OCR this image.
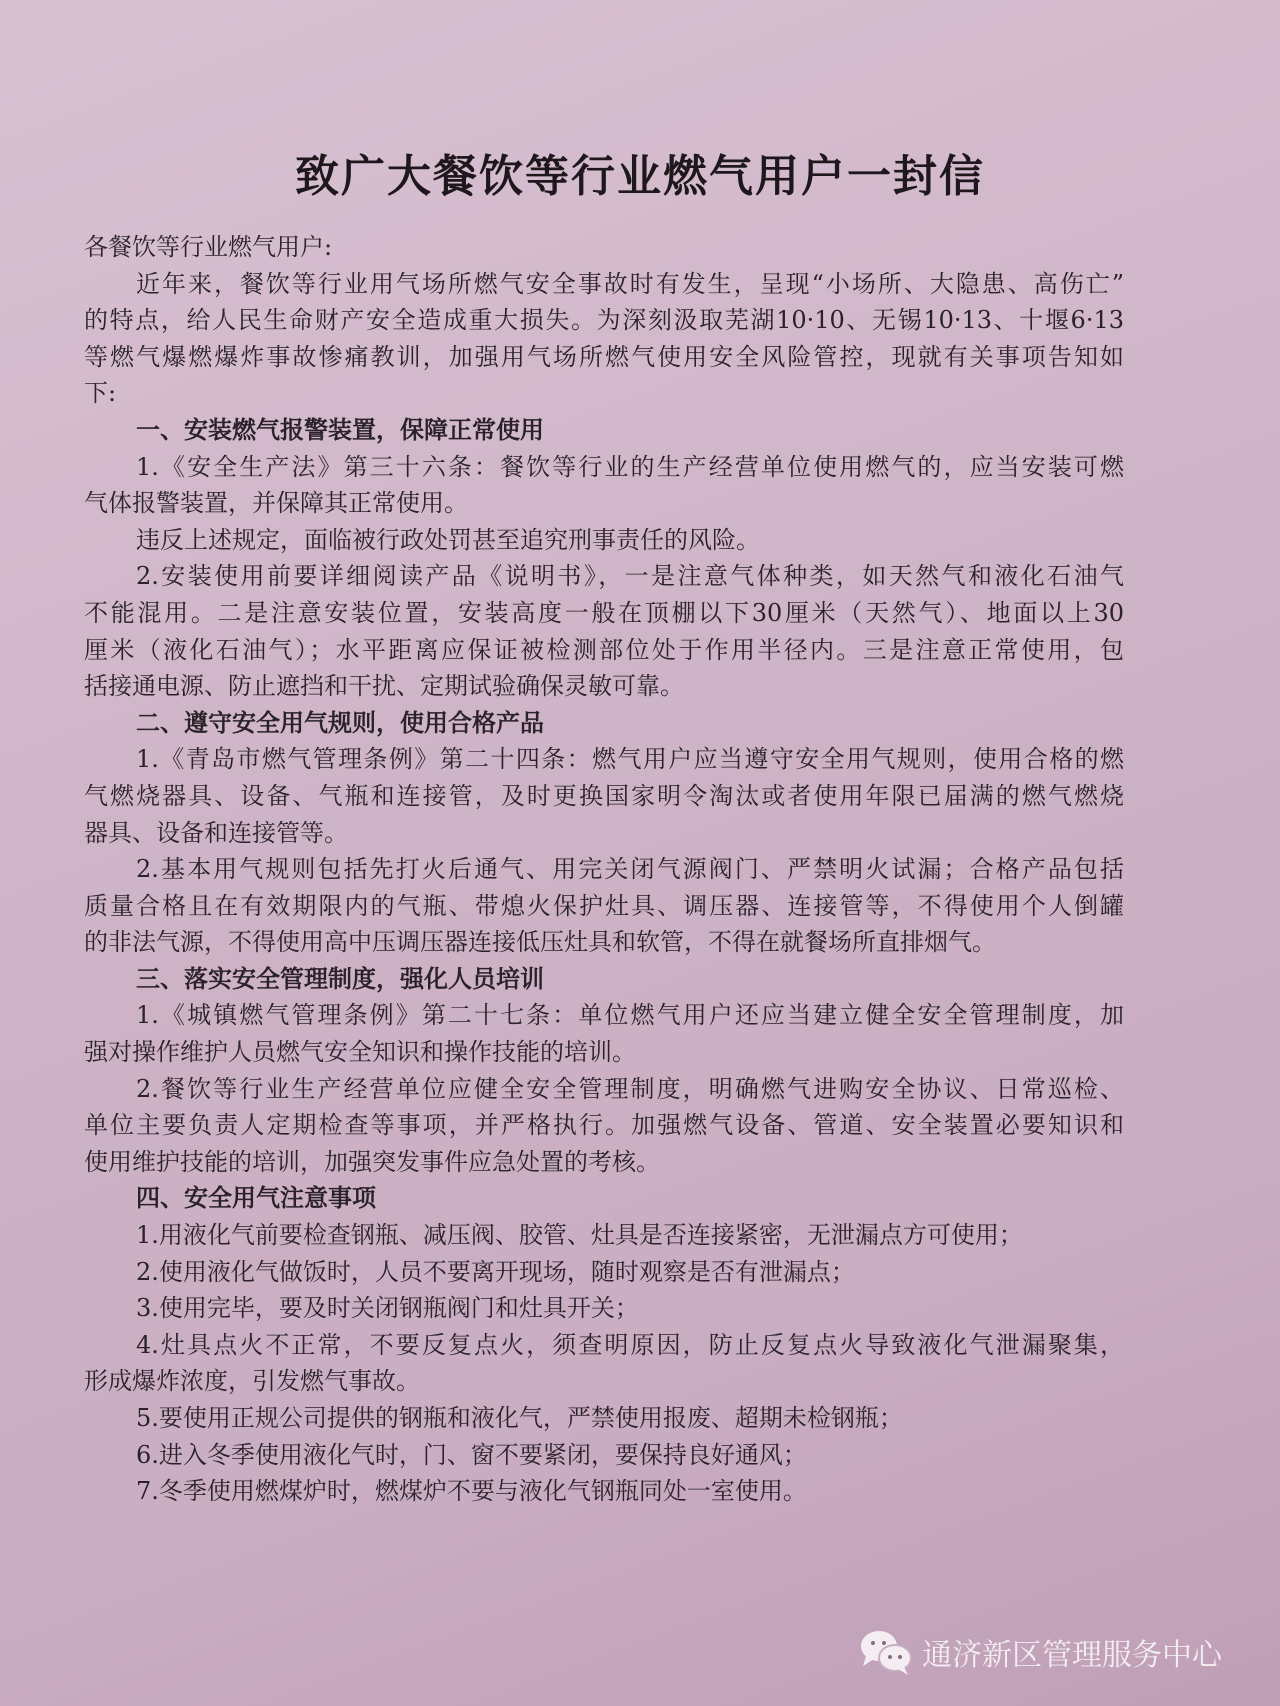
致广大餐饮等行业燃气用户一封信
各餐饮等行业燃气用户:
近年来，餐饮等行业用气场所燃气安全事故时有发生，呈现“小场所、大隐患、高伤亡”
的特点，给人民生命财产安全造成重大损失。为深刻汲取芜湖10·10、无锡10·13、十堰6·13
等燃气爆燃爆炸事故惨痛教训，加强用气场所燃气使用安全风险管控，现就有关事项告知如
下:
一、安装燃气报警装置，保障正常使用
1.《安全生产法》第三十六条：餐饮等行业的生产经营单位使用燃气的，应当安装可燃
气体报警装置，并保障其正常使用。
违反上述规定，面临被行政处罚甚至追究刑事责任的风险。
2.安装使用前要详细阅读产品《说明书》，一是注意气体种类，如天然气和液化石油气
不能混用。二是注意安装位置，安装高度一般在顶棚以下30厘米（天然气）、地面以上30
厘米（液化石油气）；水平距离应保证被检测部位处于作用半径内。三是注意正常使用，包
括接通电源、防止遮挡和干扰、定期试验确保灵敏可靠。
二、遵守安全用气规则，使用合格产品
1.《青岛市燃气管理条例》第二十四条：燃气用户应当遵守安全用气规则，使用合格的燃
气燃烧器具、设备、气瓶和连接管，及时更换国家明令淘汰或者使用年限已届满的燃气燃烧
器具、设备和连接管等。
2.基本用气规则包括先打火后通气、用完关闭气源阀门、严禁明火试漏；合格产品包括
质量合格且在有效期限内的气瓶、带熄火保护灶具、调压器、连接管等，不得使用个人倒罐
的非法气源，不得使用高中压调压器连接低压灶具和软管，不得在就餐场所直排烟气。
三、落实安全管理制度，强化人员培训
1.《城镇燃气管理条例》第二十七条：单位燃气用户还应当建立健全安全管理制度，加
强对操作维护人员燃气安全知识和操作技能的培训。
2.餐饮等行业生产经营单位应健全安全管理制度，明确燃气进购安全协议、日常巡检、
单位主要负责人定期检查等事项，并严格执行。加强燃气设备、管道、安全装置必要知识和
使用维护技能的培训，加强突发事件应急处置的考核。
四、安全用气注意事项
1.用液化气前要检查钢瓶、减压阀、胶管、灶具是否连接紧密，无泄漏点方可使用；
2.使用液化气做饭时，人员不要离开现场，随时观察是否有泄漏点；
3.使用完毕，要及时关闭钢瓶阀门和灶具开关；
4.灶具点火不正常，不要反复点火，须查明原因，防止反复点火导致液化气泄漏聚集，
形成爆炸浓度，引发燃气事故。
5.要使用正规公司提供的钢瓶和液化气，严禁使用报废、超期未检钢瓶；
6.进入冬季使用液化气时，门、窗不要紧闭，要保持良好通风；
7.冬季使用燃煤炉时，燃煤炉不要与液化气钢瓶同处一室使用。
通济新区管理服务中心
